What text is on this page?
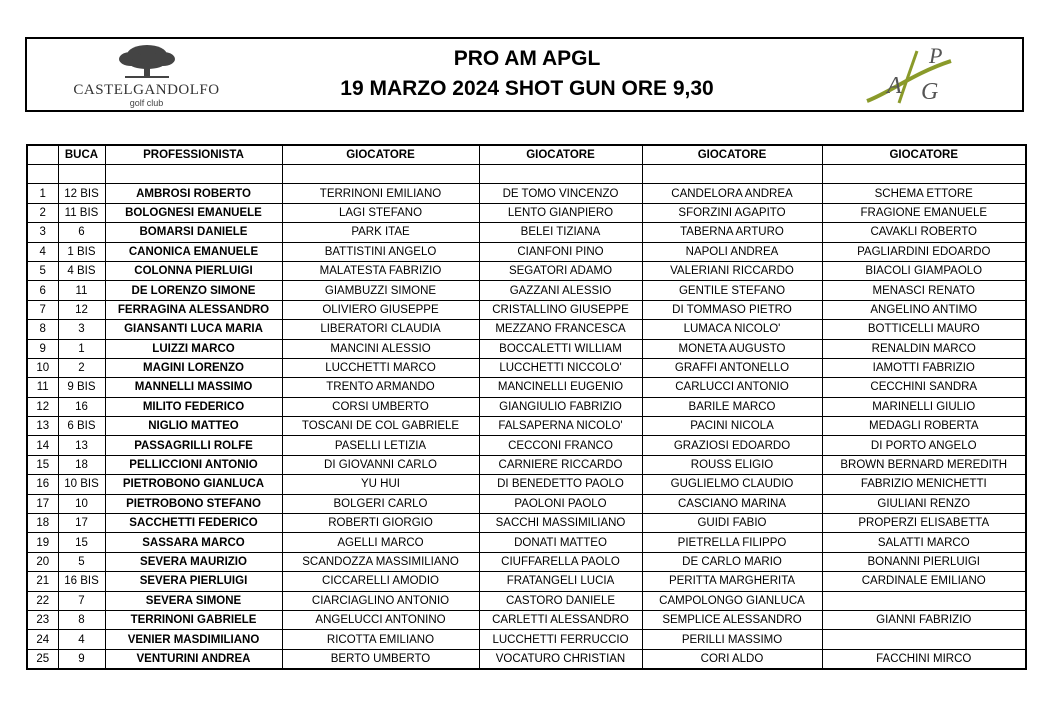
CASTELGANDOLFO
golf club
PRO AM APGL
19 MARZO 2024 SHOT GUN ORE 9,30
P
A G
	BUCA	PROFESSIONISTA	GIOCATORE	GIOCATORE	GIOCATORE	GIOCATORE

1	12 BIS	AMBROSI ROBERTO	TERRINONI EMILIANO	DE TOMO VINCENZO	CANDELORA ANDREA	SCHEMA ETTORE
2	11 BIS	BOLOGNESI EMANUELE	LAGI STEFANO	LENTO GIANPIERO	SFORZINI AGAPITO	FRAGIONE EMANUELE
3	6	BOMARSI DANIELE	PARK ITAE	BELEI TIZIANA	TABERNA ARTURO	CAVAKLI ROBERTO
4	1 BIS	CANONICA EMANUELE	BATTISTINI ANGELO	CIANFONI PINO	NAPOLI ANDREA	PAGLIARDINI EDOARDO
5	4 BIS	COLONNA PIERLUIGI	MALATESTA FABRIZIO	SEGATORI ADAMO	VALERIANI RICCARDO	BIACOLI GIAMPAOLO
6	11	DE LORENZO SIMONE	GIAMBUZZI SIMONE	GAZZANI ALESSIO	GENTILE STEFANO	MENASCI RENATO
7	12	FERRAGINA ALESSANDRO	OLIVIERO GIUSEPPE	CRISTALLINO GIUSEPPE	DI TOMMASO PIETRO	ANGELINO ANTIMO
8	3	GIANSANTI LUCA MARIA	LIBERATORI CLAUDIA	MEZZANO FRANCESCA	LUMACA NICOLO'	BOTTICELLI MAURO
9	1	LUIZZI MARCO	MANCINI ALESSIO	BOCCALETTI WILLIAM	MONETA AUGUSTO	RENALDIN MARCO
10	2	MAGINI LORENZO	LUCCHETTI MARCO	LUCCHETTI NICCOLO'	GRAFFI ANTONELLO	IAMOTTI FABRIZIO
11	9 BIS	MANNELLI MASSIMO	TRENTO ARMANDO	MANCINELLI EUGENIO	CARLUCCI ANTONIO	CECCHINI SANDRA
12	16	MILITO FEDERICO	CORSI UMBERTO	GIANGIULIO FABRIZIO	BARILE MARCO	MARINELLI GIULIO
13	6 BIS	NIGLIO MATTEO	TOSCANI DE COL GABRIELE	FALSAPERNA NICOLO'	PACINI NICOLA	MEDAGLI ROBERTA
14	13	PASSAGRILLI ROLFE	PASELLI LETIZIA	CECCONI FRANCO	GRAZIOSI EDOARDO	DI PORTO ANGELO
15	18	PELLICCIONI ANTONIO	DI GIOVANNI CARLO	CARNIERE RICCARDO	ROUSS ELIGIO	BROWN BERNARD MEREDITH
16	10 BIS	PIETROBONO GIANLUCA	YU HUI	DI BENEDETTO PAOLO	GUGLIELMO CLAUDIO	FABRIZIO MENICHETTI
17	10	PIETROBONO STEFANO	BOLGERI CARLO	PAOLONI PAOLO	CASCIANO MARINA	GIULIANI RENZO
18	17	SACCHETTI FEDERICO	ROBERTI GIORGIO	SACCHI MASSIMILIANO	GUIDI FABIO	PROPERZI ELISABETTA
19	15	SASSARA MARCO	AGELLI MARCO	DONATI MATTEO	PIETRELLA FILIPPO	SALATTI MARCO
20	5	SEVERA MAURIZIO	SCANDOZZA MASSIMILIANO	CIUFFARELLA PAOLO	DE CARLO MARIO	BONANNI PIERLUIGI
21	16 BIS	SEVERA PIERLUIGI	CICCARELLI AMODIO	FRATANGELI LUCIA	PERITTA MARGHERITA	CARDINALE EMILIANO
22	7	SEVERA SIMONE	CIARCIAGLINO ANTONIO	CASTORO DANIELE	CAMPOLONGO GIANLUCA	
23	8	TERRINONI GABRIELE	ANGELUCCI ANTONINO	CARLETTI ALESSANDRO	SEMPLICE ALESSANDRO	GIANNI FABRIZIO
24	4	VENIER MASDIMILIANO	RICOTTA EMILIANO	LUCCHETTI FERRUCCIO	PERILLI MASSIMO	
25	9	VENTURINI ANDREA	BERTO UMBERTO	VOCATURO CHRISTIAN	CORI ALDO	FACCHINI MIRCO
